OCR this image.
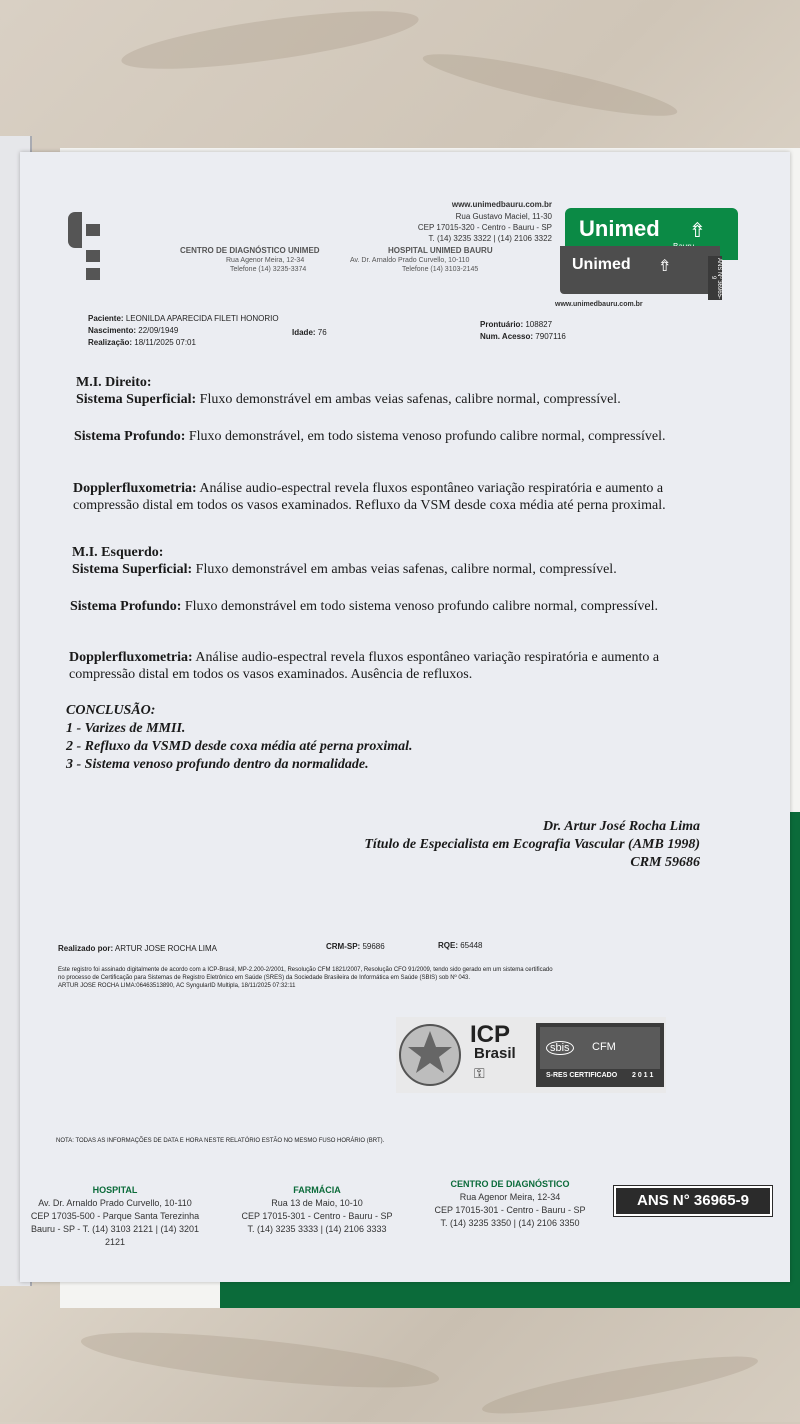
CENTRO DE DIAGNÓSTICO UNIMED
Rua Agenor Meira, 12-34
Telefone (14) 3235-3374
HOSPITAL UNIMED BAURU
Av. Dr. Arnaldo Prado Curvello, 10-110
Telefone (14) 3103-2145
www.unimedbauru.com.br
Rua Gustavo Maciel, 11-30
CEP 17015-320 - Centro - Bauru - SP
T. (14) 3235 3322 | (14) 2106 3322 Unimed ⇮
Unimed ⇮	ANS Nº 36965-9
www.unimedbauru.com.br
Paciente: LEONILDA APARECIDA FILETI HONORIO
Nascimento: 22/09/1949	Idade: 76
Realização: 18/11/2025 07:01
Prontuário: 108827
Num. Acesso: 7907116
M.I. Direito:
Sistema Superficial: Fluxo demonstrável em ambas veias safenas, calibre normal, compressível.
Sistema Profundo: Fluxo demonstrável, em todo sistema venoso profundo calibre normal, compressível.
Dopplerfluxometria: Análise audio-espectral revela fluxos espontâneo variação respiratória e aumento a compressão distal em todos os vasos examinados. Refluxo da VSM desde coxa média até perna proximal.
M.I. Esquerdo:
Sistema Superficial: Fluxo demonstrável em ambas veias safenas, calibre normal, compressível.
Sistema Profundo: Fluxo demonstrável em todo sistema venoso profundo calibre normal, compressível.
Dopplerfluxometria: Análise audio-espectral revela fluxos espontâneo variação respiratória e aumento a compressão distal em todos os vasos examinados. Ausência de refluxos.
CONCLUSÃO:
1 - Varizes de MMII.
2 - Refluxo da VSMD desde coxa média até perna proximal.
3 - Sistema venoso profundo dentro da normalidade.
Dr. Artur José Rocha Lima
Título de Especialista em Ecografia Vascular (AMB 1998)
CRM 59686
Realizado por: ARTUR JOSE ROCHA LIMA	CRM-SP: 59686	RQE: 65448
Este registro foi assinado digitalmente de acordo com a ICP-Brasil, MP-2.200-2/2001, Resolução CFM 1821/2007, Resolução CFO 91/2009, tendo sido gerado em um sistema certificado
no processo de Certificação para Sistemas de Registro Eletrônico em Saúde (SRES) da Sociedade Brasileira de Informática em Saúde (SBIS) sob Nº 043.
ARTUR JOSE ROCHA LIMA:06463513890, AC SyngularID Multipla, 18/11/2025 07:32:11
ICP
Brasil
⚿
sbis	CFM
S-RES CERTIFICADO 2 0 1 1
NOTA: TODAS AS INFORMAÇÕES DE DATA E HORA NESTE RELATÓRIO ESTÃO NO MESMO FUSO HORÁRIO (BRT).
HOSPITAL
Av. Dr. Arnaldo Prado Curvello, 10-110
CEP 17035-500 - Parque Santa Terezinha
Bauru - SP - T. (14) 3103 2121 | (14) 3201 2121
FARMÁCIA
Rua 13 de Maio, 10-10
CEP 17015-301 - Centro - Bauru - SP
T. (14) 3235 3333 | (14) 2106 3333
CENTRO DE DIAGNÓSTICO
Rua Agenor Meira, 12-34
CEP 17015-301 - Centro - Bauru - SP
T. (14) 3235 3350 | (14) 2106 3350
ANS N° 36965-9
